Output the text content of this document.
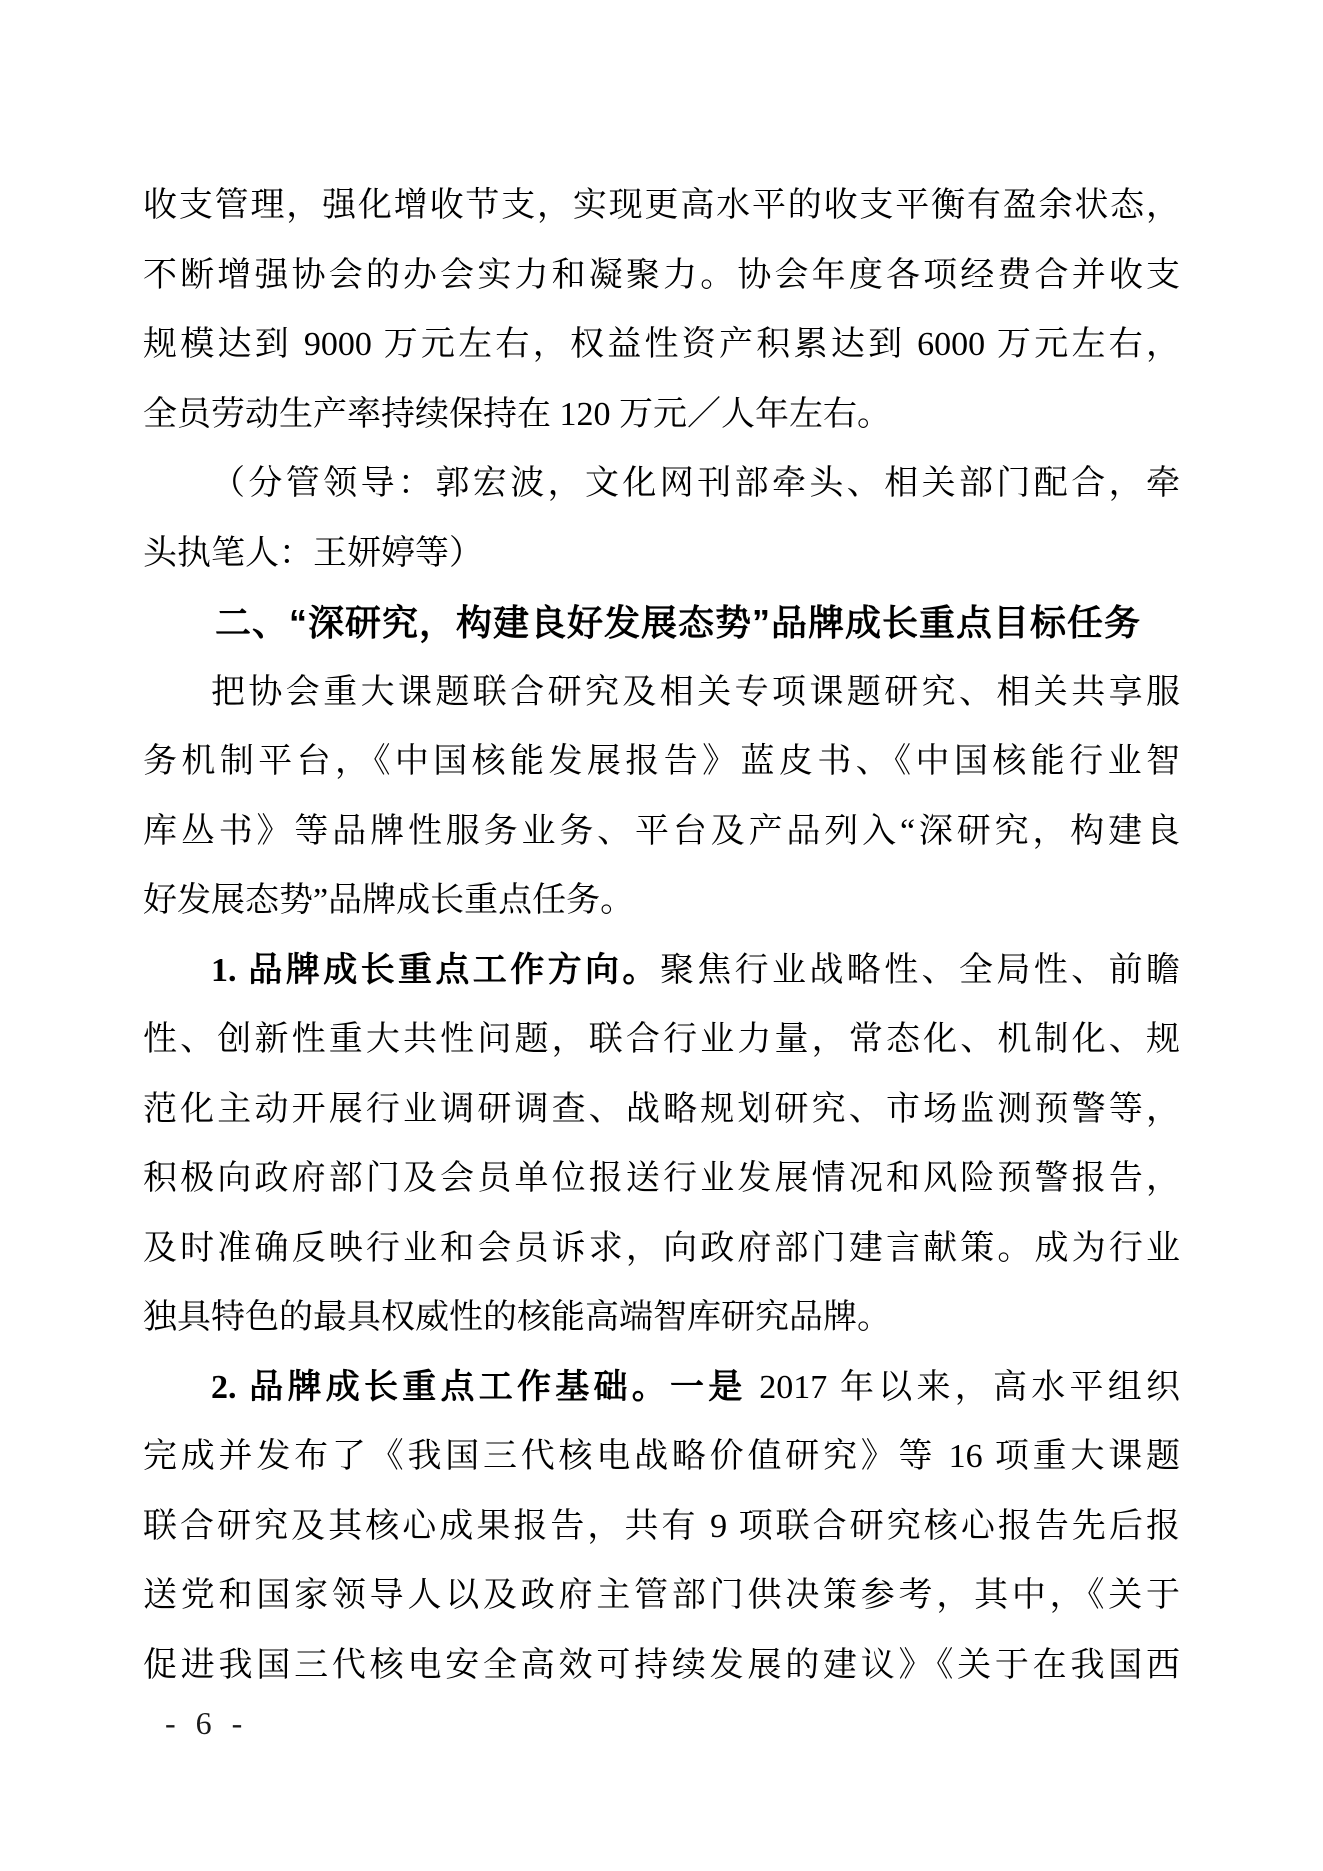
收支管理，强化增收节支，实现更高水平的收支平衡有盈余状态，
不断增强协会的办会实力和凝聚力。协会年度各项经费合并收支
规模达到 9000 万元左右，权益性资产积累达到 6000 万元左右，
全员劳动生产率持续保持在 120 万元／人年左右。
（分管领导：郭宏波，文化网刊部牵头、相关部门配合，牵
头执笔人：王妍婷等）
二、“深研究，构建良好发展态势”品牌成长重点目标任务
把协会重大课题联合研究及相关专项课题研究、相关共享服
务机制平台，《中国核能发展报告》蓝皮书、《中国核能行业智
库丛书》等品牌性服务业务、平台及产品列入“深研究，构建良
好发展态势”品牌成长重点任务。
1. 品牌成长重点工作方向。聚焦行业战略性、全局性、前瞻
性、创新性重大共性问题，联合行业力量，常态化、机制化、规
范化主动开展行业调研调查、战略规划研究、市场监测预警等，
积极向政府部门及会员单位报送行业发展情况和风险预警报告，
及时准确反映行业和会员诉求，向政府部门建言献策。成为行业
独具特色的最具权威性的核能高端智库研究品牌。
2. 品牌成长重点工作基础。一是 2017 年以来，高水平组织
完成并发布了《我国三代核电战略价值研究》等 16 项重大课题
联合研究及其核心成果报告，共有 9 项联合研究核心报告先后报
送党和国家领导人以及政府主管部门供决策参考，其中，《关于
促进我国三代核电安全高效可持续发展的建议》《关于在我国西
- 6 -
